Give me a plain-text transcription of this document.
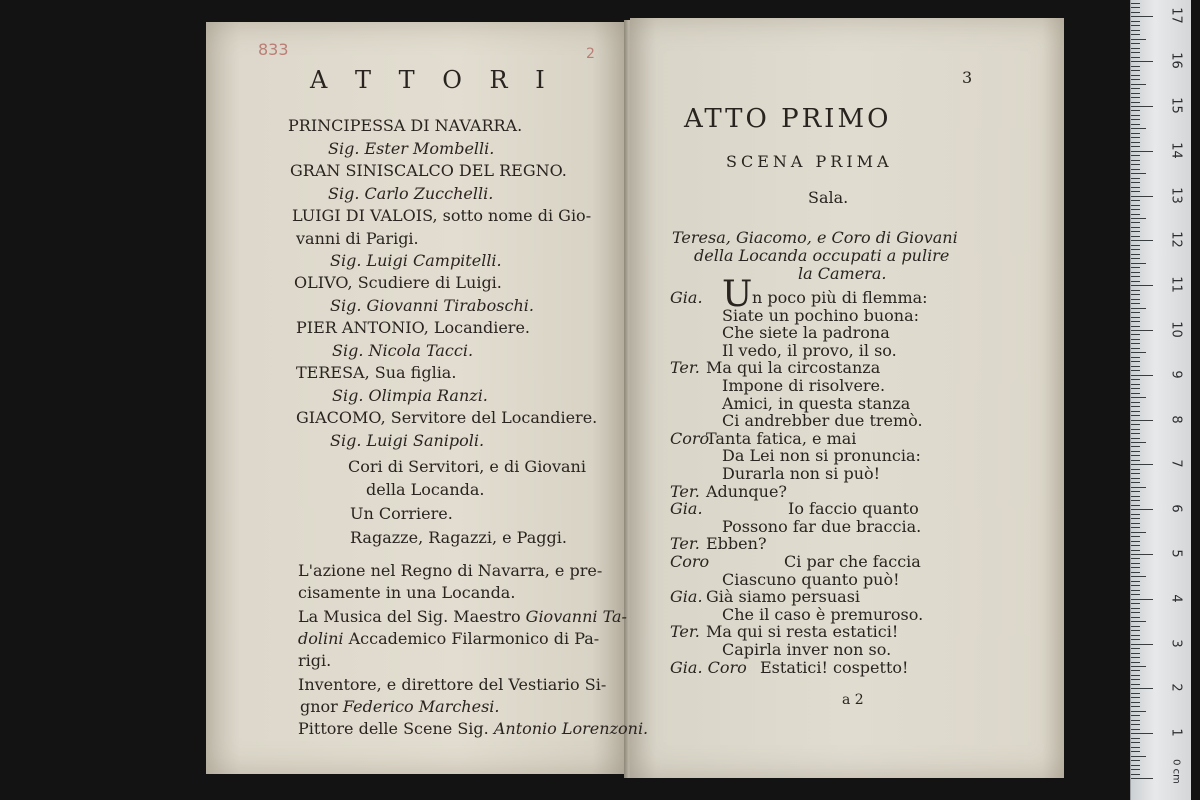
833	2
A T T O R I
PRINCIPESSA DI NAVARRA.
Sig. Ester Mombelli.
GRAN SINISCALCO DEL REGNO.
Sig. Carlo Zucchelli.
LUIGI DI VALOIS, sotto nome di Gio-
vanni di Parigi.
Sig. Luigi Campitelli.
OLIVO, Scudiere di Luigi.
Sig. Giovanni Tiraboschi.
PIER ANTONIO, Locandiere.
Sig. Nicola Tacci.
TERESA, Sua figlia.
Sig. Olimpia Ranzi.
GIACOMO, Servitore del Locandiere.
Sig. Luigi Sanipoli.
Cori di Servitori, e di Giovani
della Locanda.
Un Corriere.
Ragazze, Ragazzi, e Paggi.
L'azione nel Regno di Navarra, e pre-
cisamente in una Locanda.
La Musica del Sig. Maestro Giovanni Ta-
dolini Accademico Filarmonico di Pa-
rigi.
Inventore, e direttore del Vestiario Si-
gnor Federico Marchesi.
Pittore delle Scene Sig. Antonio Lorenzoni.
3
ATTO PRIMO
SCENA PRIMA
Sala.
Teresa, Giacomo, e Coro di Giovani
della Locanda occupati a pulire
la Camera.
Gia. U n poco più di flemma:
Siate un pochino buona:
Che siete la padrona
Il vedo, il provo, il so.
Ter. Ma qui la circostanza
Impone di risolvere.
Amici, in questa stanza
Ci andrebber due tremò.
Coro
Tanta fatica, e mai
Da Lei non si pronuncia:
Durarla non si può!
Ter. Adunque?
Gia.	Io faccio quanto
Possono far due braccia.
Ter. Ebben?
Coro	Ci par che faccia
Ciascuno quanto può!
Gia. Già siamo persuasi
Che il caso è premuroso.
Ter. Ma qui si resta estatici!
Capirla inver non so.
Gia. Coro Estatici! cospetto!
a 2
1
2
3
4
5
6
7
8
9
10
11
12
13
14
15
16
17
0 cm
